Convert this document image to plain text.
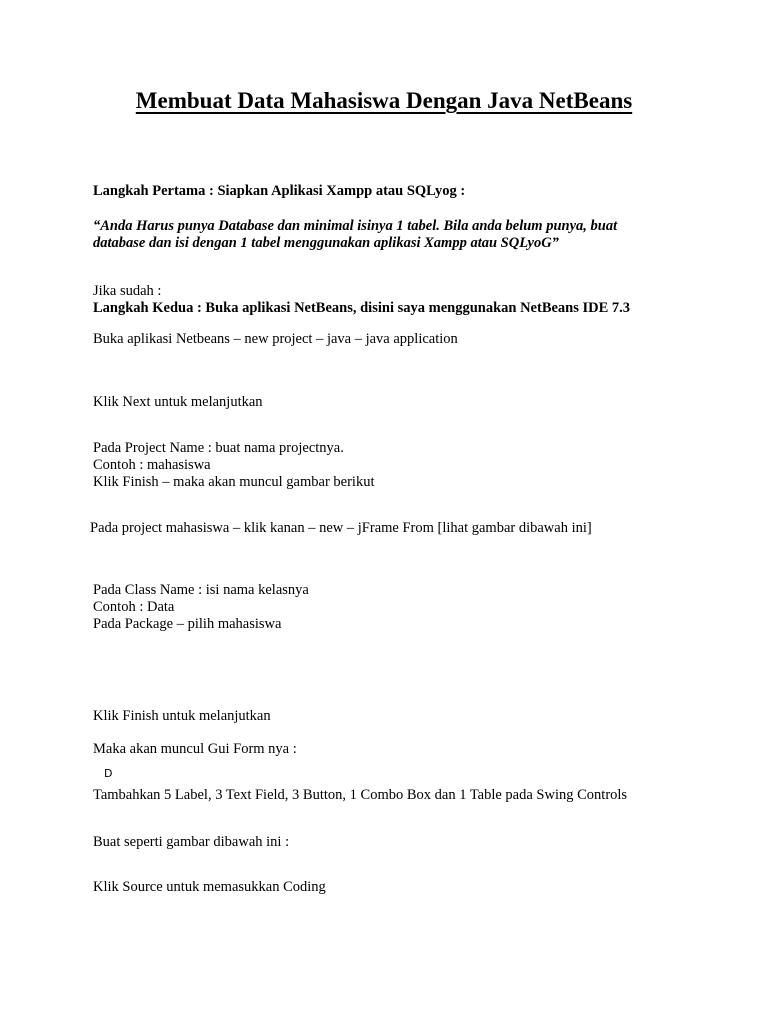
Membuat Data Mahasiswa Dengan Java NetBeans
Langkah Pertama : Siapkan Aplikasi Xampp atau SQLyog :
“Anda Harus punya Database dan minimal isinya 1 tabel. Bila anda belum punya, buat
database dan isi dengan 1 tabel menggunakan aplikasi Xampp atau SQLyoG”
Jika sudah :
Langkah Kedua : Buka aplikasi NetBeans, disini saya menggunakan NetBeans IDE 7.3
Buka aplikasi Netbeans – new project – java – java application
Klik Next untuk melanjutkan
Pada Project Name : buat nama projectnya.
Contoh : mahasiswa
Klik Finish – maka akan muncul gambar berikut
Pada project mahasiswa – klik kanan – new – jFrame From [lihat gambar dibawah ini]
Pada Class Name : isi nama kelasnya
Contoh : Data
Pada Package – pilih mahasiswa
Klik Finish untuk melanjutkan
Maka akan muncul Gui Form nya :
D
Tambahkan 5 Label, 3 Text Field, 3 Button, 1 Combo Box dan 1 Table pada Swing Controls
Buat seperti gambar dibawah ini :
Klik Source untuk memasukkan Coding
